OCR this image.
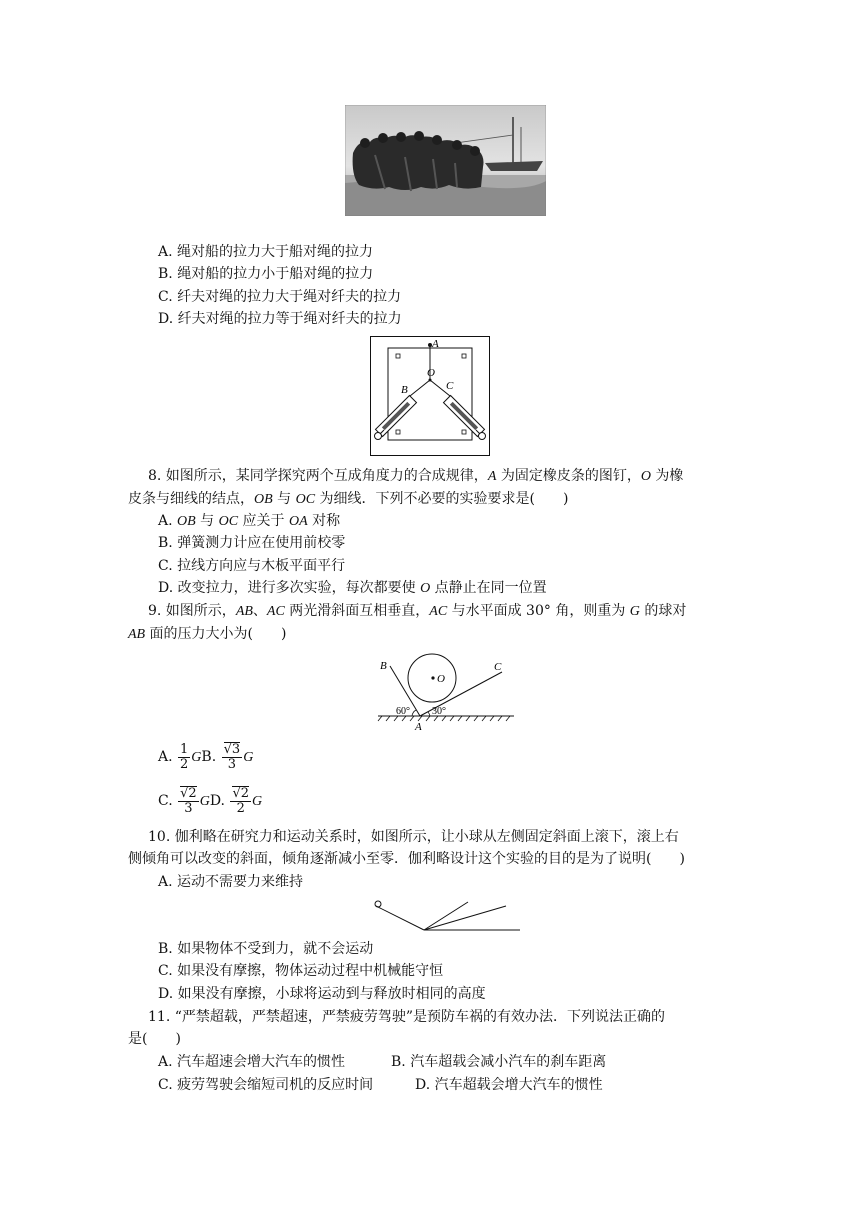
A. 绳对船的拉力大于船对绳的拉力
B. 绳对船的拉力小于船对绳的拉力
C. 纤夫对绳的拉力大于绳对纤夫的拉力
D. 纤夫对绳的拉力等于绳对纤夫的拉力
A
O
B	C
8. 如图所示，某同学探究两个互成角度力的合成规律，A 为固定橡皮条的图钉，O 为橡
皮条与细线的结点，OB 与 OC 为细线．下列不必要的实验要求是(　　)
A. OB 与 OC 应关于 OA 对称
B. 弹簧测力计应在使用前校零
C. 拉线方向应与木板平面平行
D. 改变拉力，进行多次实验，每次都要使 O 点静止在同一位置
9. 如图所示，AB、AC 两光滑斜面互相垂直，AC 与水平面成 30° 角，则重为 G 的球对
AB 面的压力大小为(　　)
B	C
O
A
60° 30°
A. $\frac{1}{2}$ GB. $\frac{√3}{3}$ G
C. $\frac{√2}{3}$ GD. $\frac{√2}{2}$ G
10. 伽利略在研究力和运动关系时，如图所示，让小球从左侧固定斜面上滚下，滚上右
侧倾角可以改变的斜面，倾角逐渐减小至零．伽利略设计这个实验的目的是为了说明(　　)
A. 运动不需要力来维持
B. 如果物体不受到力，就不会运动
C. 如果没有摩擦，物体运动过程中机械能守恒
D. 如果没有摩擦，小球将运动到与释放时相同的高度
11. “严禁超载，严禁超速，严禁疲劳驾驶”是预防车祸的有效办法．下列说法正确的
是(　　)
A. 汽车超速会增大汽车的惯性	B. 汽车超载会减小汽车的刹车距离
C. 疲劳驾驶会缩短司机的反应时间	D. 汽车超载会增大汽车的惯性
